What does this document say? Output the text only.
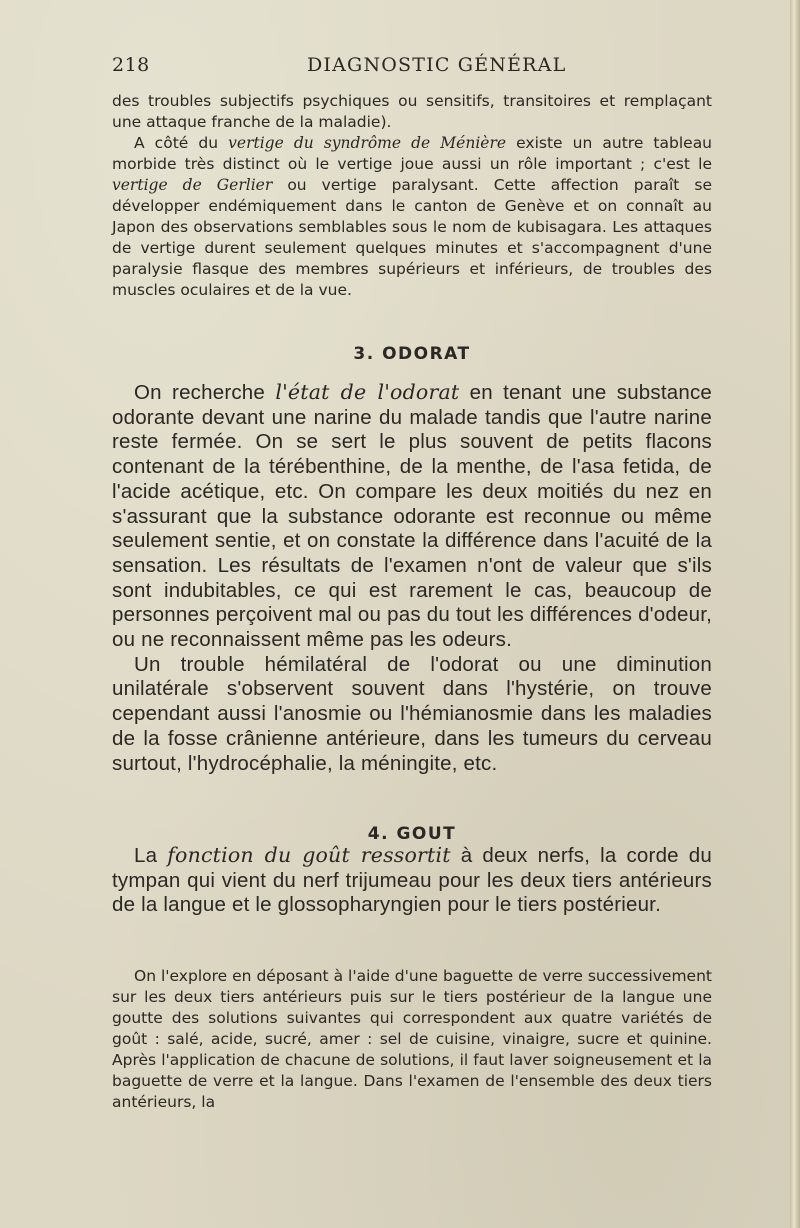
218	DIAGNOSTIC GÉNÉRAL

des troubles subjectifs psychiques ou sensitifs, transitoires et remplaçant une attaque franche de la maladie).

A côté du vertige du syndrôme de Ménière existe un autre tableau morbide très distinct où le vertige joue aussi un rôle important ; c'est le vertige de Gerlier ou vertige paralysant. Cette affection paraît se développer endémiquement dans le canton de Genève et on connaît au Japon des observations semblables sous le nom de kubisagara. Les attaques de vertige durent seulement quelques minutes et s'accompagnent d'une paralysie flasque des membres supérieurs et inférieurs, de troubles des muscles oculaires et de la vue.

3. ODORAT

On recherche l'état de l'odorat en tenant une substance odorante devant une narine du malade tandis que l'autre narine reste fermée. On se sert le plus souvent de petits flacons contenant de la térébenthine, de la menthe, de l'asa fetida, de l'acide acétique, etc. On compare les deux moitiés du nez en s'assurant que la substance odorante est reconnue ou même seulement sentie, et on constate la différence dans l'acuité de la sensation. Les résultats de l'examen n'ont de valeur que s'ils sont indubitables, ce qui est rarement le cas, beaucoup de personnes perçoivent mal ou pas du tout les différences d'odeur, ou ne reconnaissent même pas les odeurs.

Un trouble hémilatéral de l'odorat ou une diminution unilatérale s'observent souvent dans l'hystérie, on trouve cependant aussi l'anosmie ou l'hémianosmie dans les maladies de la fosse crânienne antérieure, dans les tumeurs du cerveau surtout, l'hydrocéphalie, la méningite, etc.

4. GOUT

La fonction du goût ressortit à deux nerfs, la corde du tympan qui vient du nerf trijumeau pour les deux tiers antérieurs de la langue et le glossopharyngien pour le tiers postérieur.

On l'explore en déposant à l'aide d'une baguette de verre successivement sur les deux tiers antérieurs puis sur le tiers postérieur de la langue une goutte des solutions suivantes qui correspondent aux quatre variétés de goût : salé, acide, sucré, amer : sel de cuisine, vinaigre, sucre et quinine. Après l'application de chacune de solutions, il faut laver soigneusement et la baguette de verre et la langue. Dans l'examen de l'ensemble des deux tiers antérieurs, la
